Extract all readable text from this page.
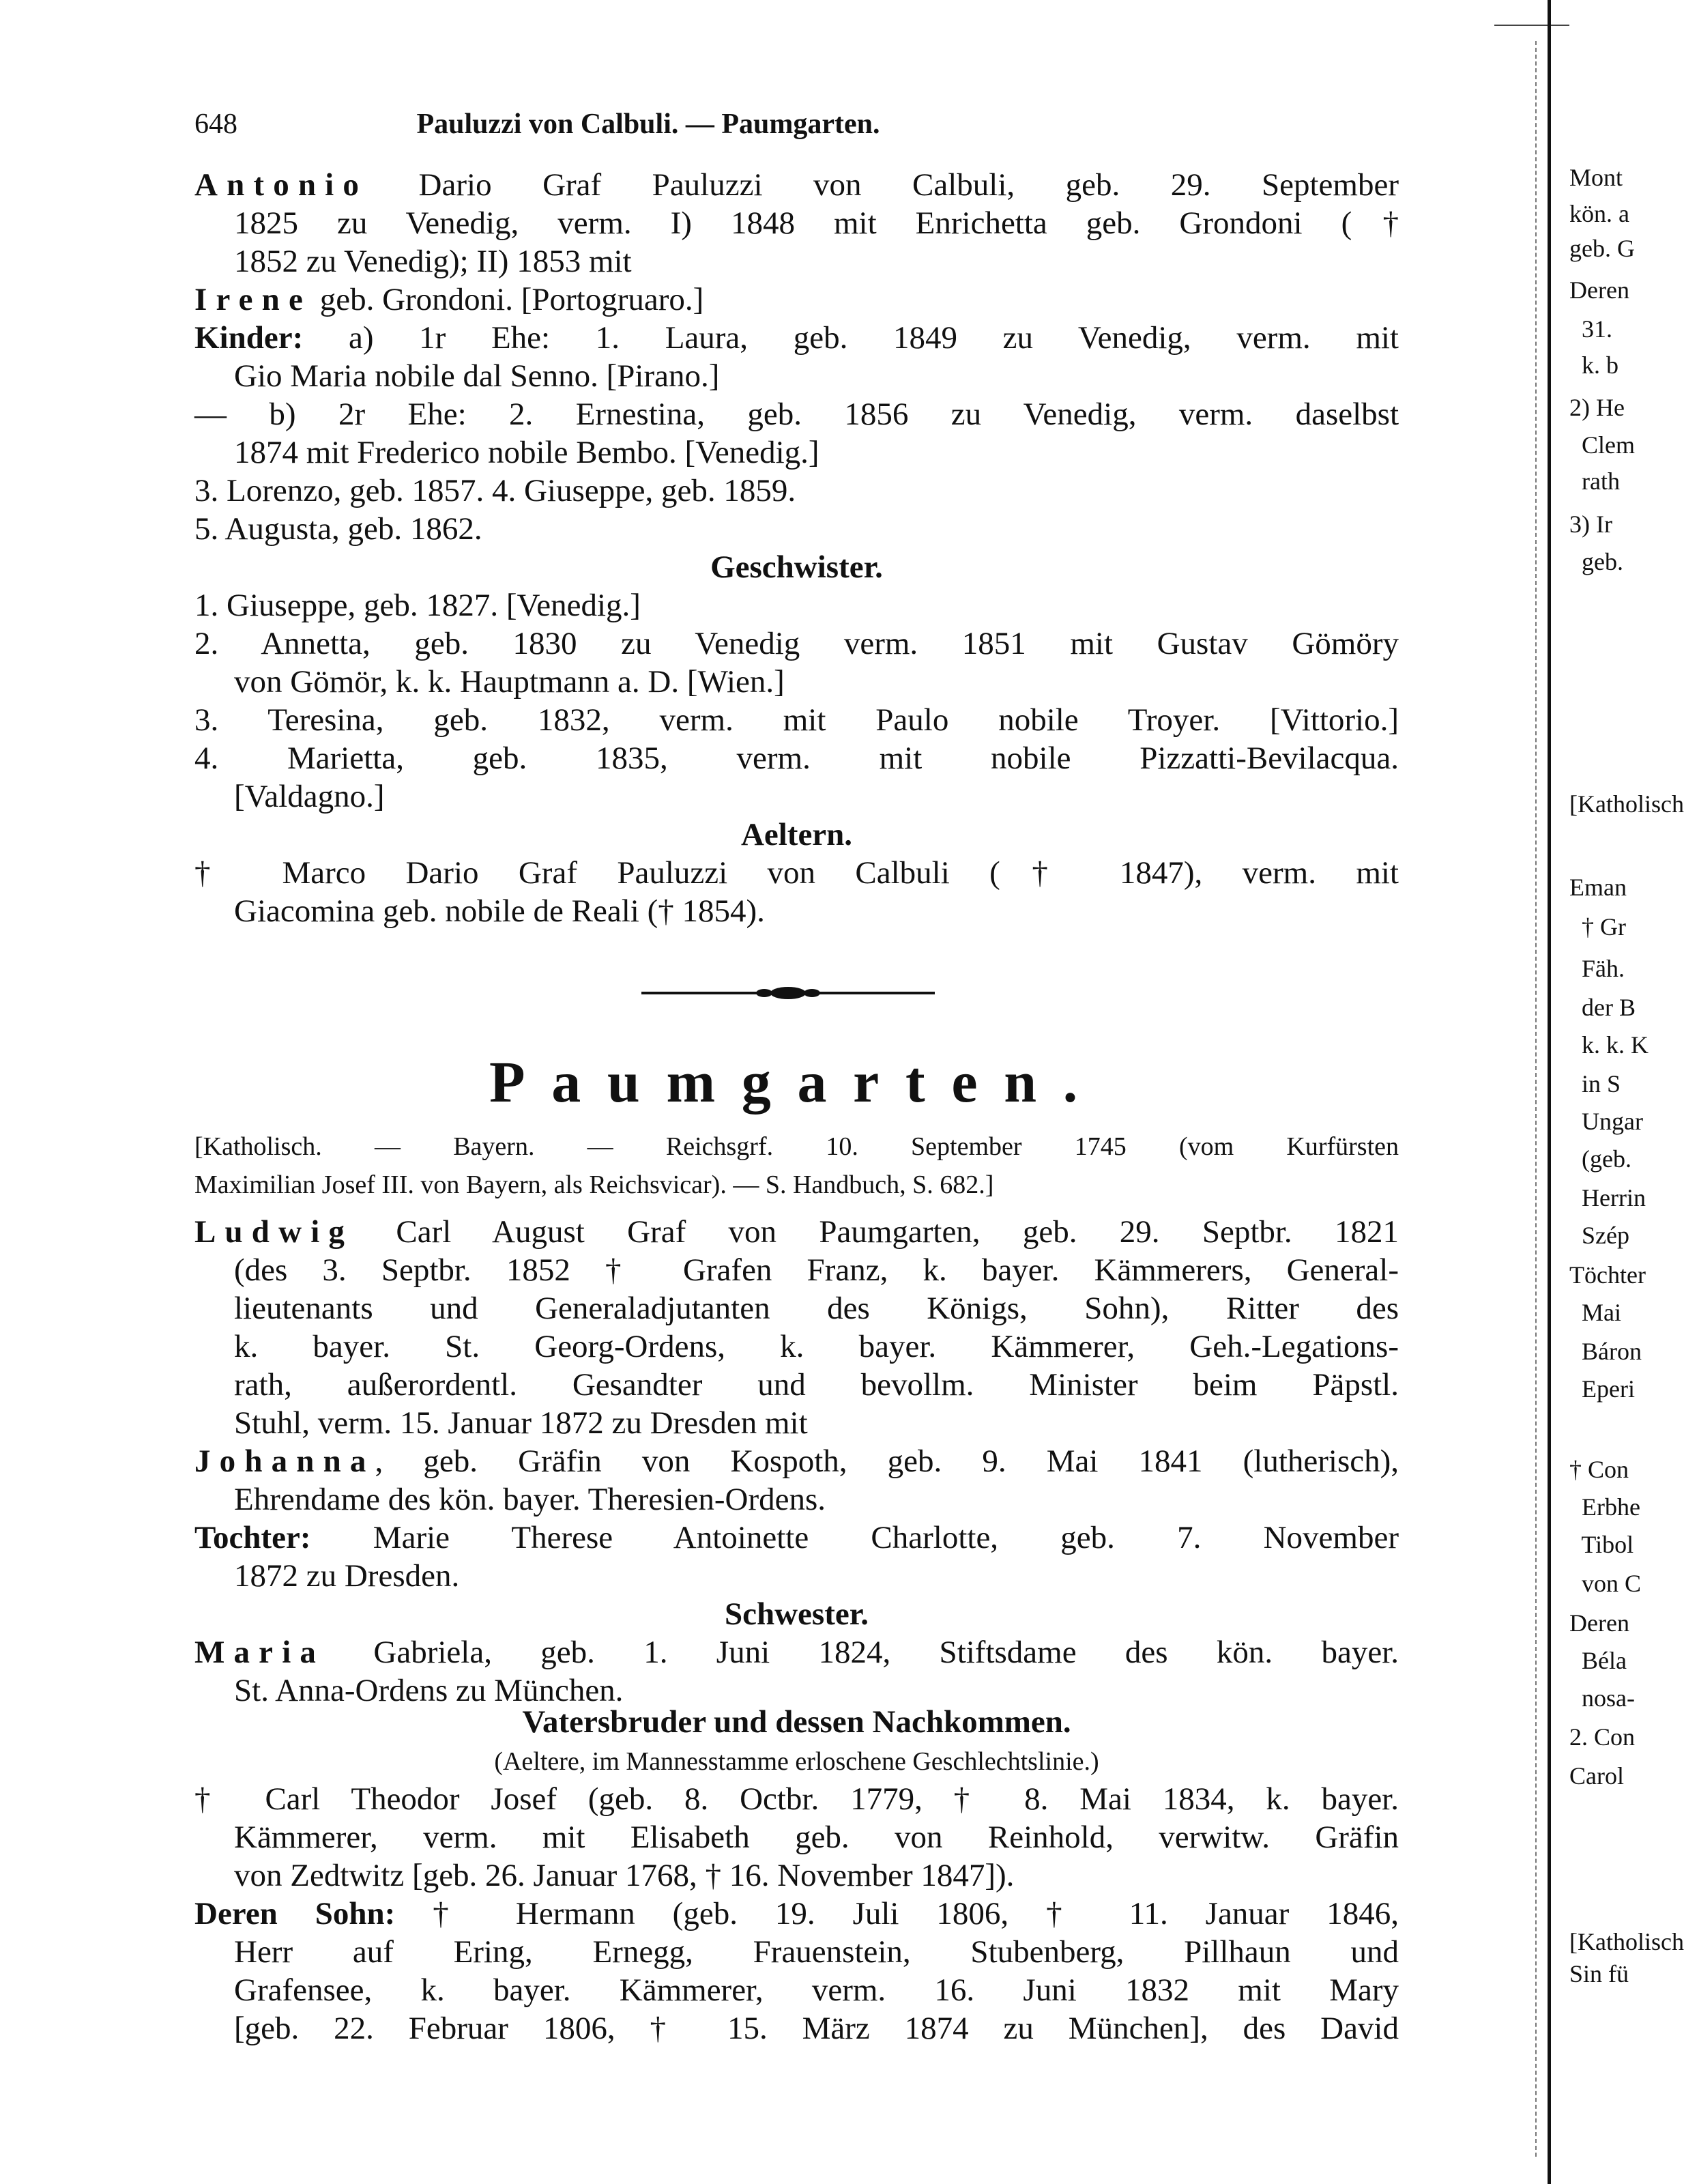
648	Pauluzzi von Calbuli. — Paumgarten.
Antonio Dario Graf Pauluzzi von Calbuli, geb. 29. September
1825 zu Venedig, verm. I) 1848 mit Enrichetta geb. Grondoni (†
1852 zu Venedig); II) 1853 mit
Irene geb. Grondoni. [Portogruaro.]
Kinder: a) 1r Ehe: 1. Laura, geb. 1849 zu Venedig, verm. mit
Gio Maria nobile dal Senno. [Pirano.]
— b) 2r Ehe: 2. Ernestina, geb. 1856 zu Venedig, verm. daselbst
1874 mit Frederico nobile Bembo. [Venedig.]
3. Lorenzo, geb. 1857. 4. Giuseppe, geb. 1859.
5. Augusta, geb. 1862.
Geschwister.
1. Giuseppe, geb. 1827. [Venedig.]
2. Annetta, geb. 1830 zu Venedig verm. 1851 mit Gustav Gömöry
von Gömör, k. k. Hauptmann a. D. [Wien.]
3. Teresina, geb. 1832, verm. mit Paulo nobile Troyer. [Vittorio.]
4. Marietta, geb. 1835, verm. mit nobile Pizzatti-Bevilacqua.
[Valdagno.]
Aeltern.
† Marco Dario Graf Pauluzzi von Calbuli († 1847), verm. mit
Giacomina geb. nobile de Reali († 1854).
Paumgarten.
[Katholisch. — Bayern. — Reichsgrf. 10. September 1745 (vom Kurfürsten
Maximilian Josef III. von Bayern, als Reichsvicar). — S. Handbuch, S. 682.]
Ludwig Carl August Graf von Paumgarten, geb. 29. Septbr. 1821
(des 3. Septbr. 1852 † Grafen Franz, k. bayer. Kämmerers, General-
lieutenants und Generaladjutanten des Königs, Sohn), Ritter des
k. bayer. St. Georg-Ordens, k. bayer. Kämmerer, Geh.-Legations-
rath, außerordentl. Gesandter und bevollm. Minister beim Päpstl.
Stuhl, verm. 15. Januar 1872 zu Dresden mit
Johanna, geb. Gräfin von Kospoth, geb. 9. Mai 1841 (lutherisch),
Ehrendame des kön. bayer. Theresien-Ordens.
Tochter: Marie Therese Antoinette Charlotte, geb. 7. November
1872 zu Dresden.
Schwester.
Maria Gabriela, geb. 1. Juni 1824, Stiftsdame des kön. bayer.
St. Anna-Ordens zu München.
Vatersbruder und dessen Nachkommen.
(Aeltere, im Mannesstamme erloschene Geschlechtslinie.)
† Carl Theodor Josef (geb. 8. Octbr. 1779, † 8. Mai 1834, k. bayer.
Kämmerer, verm. mit Elisabeth geb. von Reinhold, verwitw. Gräfin
von Zedtwitz [geb. 26. Januar 1768, † 16. November 1847]).
Deren Sohn: † Hermann (geb. 19. Juli 1806, † 11. Januar 1846,
Herr auf Ering, Ernegg, Frauenstein, Stubenberg, Pillhaun und
Grafensee, k. bayer. Kämmerer, verm. 16. Juni 1832 mit Mary
[geb. 22. Februar 1806, † 15. März 1874 zu München], des David
Mont
kön. a
geb. G
Deren
31.
k. b
2) He
Clem
rath
3) Ir
geb.
[Katholisch
Eman
† Gr
Fäh.
der B
k. k. K
in S
Ungar
(geb.
Herrin
Szép
Töchter
Mai
Báron
Eperi
† Con
Erbhe
Tibol
von C
Deren
Béla
nosa-
2. Con
Carol
[Katholisch
Sin fü
